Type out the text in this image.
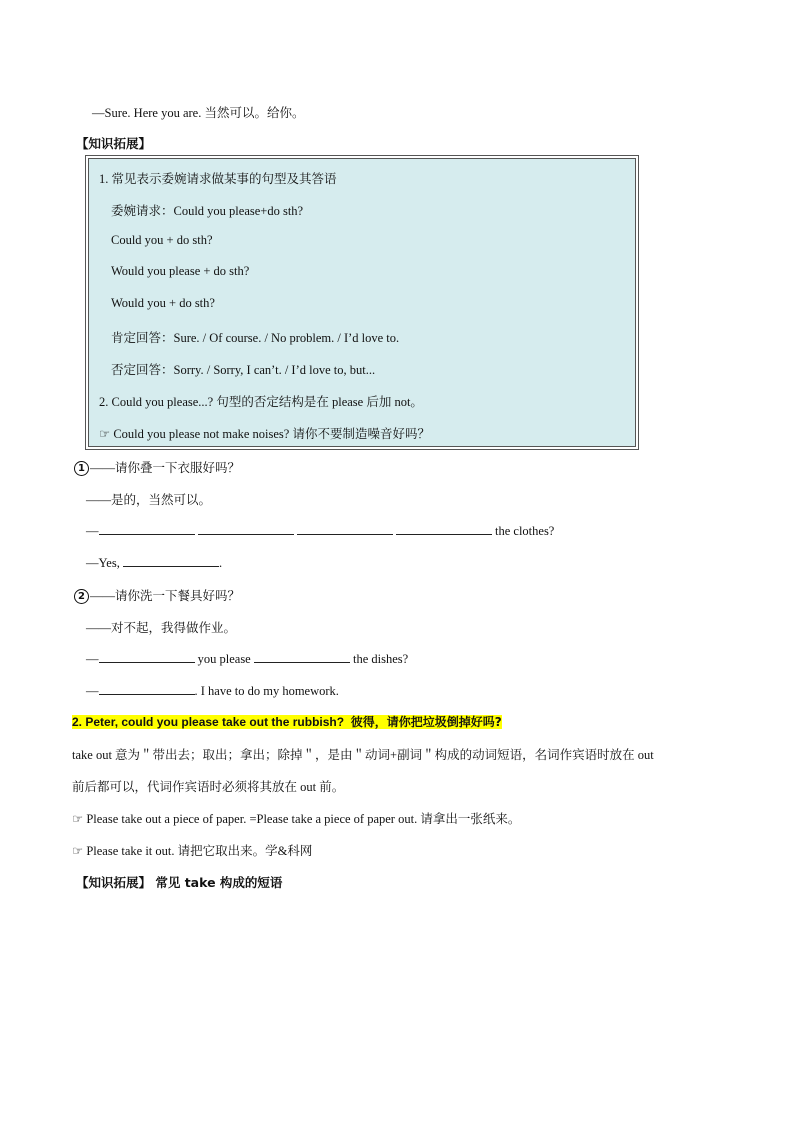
—Sure. Here you are. 当然可以。给你。
【知识拓展】
1. 常见表示委婉请求做某事的句型及其答语
委婉请求：Could you please+do sth?
Could you + do sth?
Would you please + do sth?
Would you + do sth?
肯定回答：Sure. / Of course. / No problem. / I’d love to.
否定回答：Sorry. / Sorry, I can’t. / I’d love to, but...
2. Could you please...? 句型的否定结构是在 please 后加 not。
☞ Could you please not make noises? 请你不要制造噪音好吗？
1 ——请你叠一下衣服好吗？
——是的，当然可以。
—	the clothes?
—Yes,	.
2 ——请你洗一下餐具好吗？
——对不起，我得做作业。
—	you please	the dishes?
—	. I have to do my homework.
2. Peter, could you please take out the rubbish? 彼得，请你把垃圾倒掉好吗?
take out 意为＂带出去；取出；拿出；除掉＂，是由＂动词+副词＂构成的动词短语，名词作宾语时放在 out
前后都可以，代词作宾语时必须将其放在 out 前。
☞ Please take out a piece of paper. =Please take a piece of paper out. 请拿出一张纸来。
☞ Please take it out. 请把它取出来。学&科网
【知识拓展】 常见 take 构成的短语
